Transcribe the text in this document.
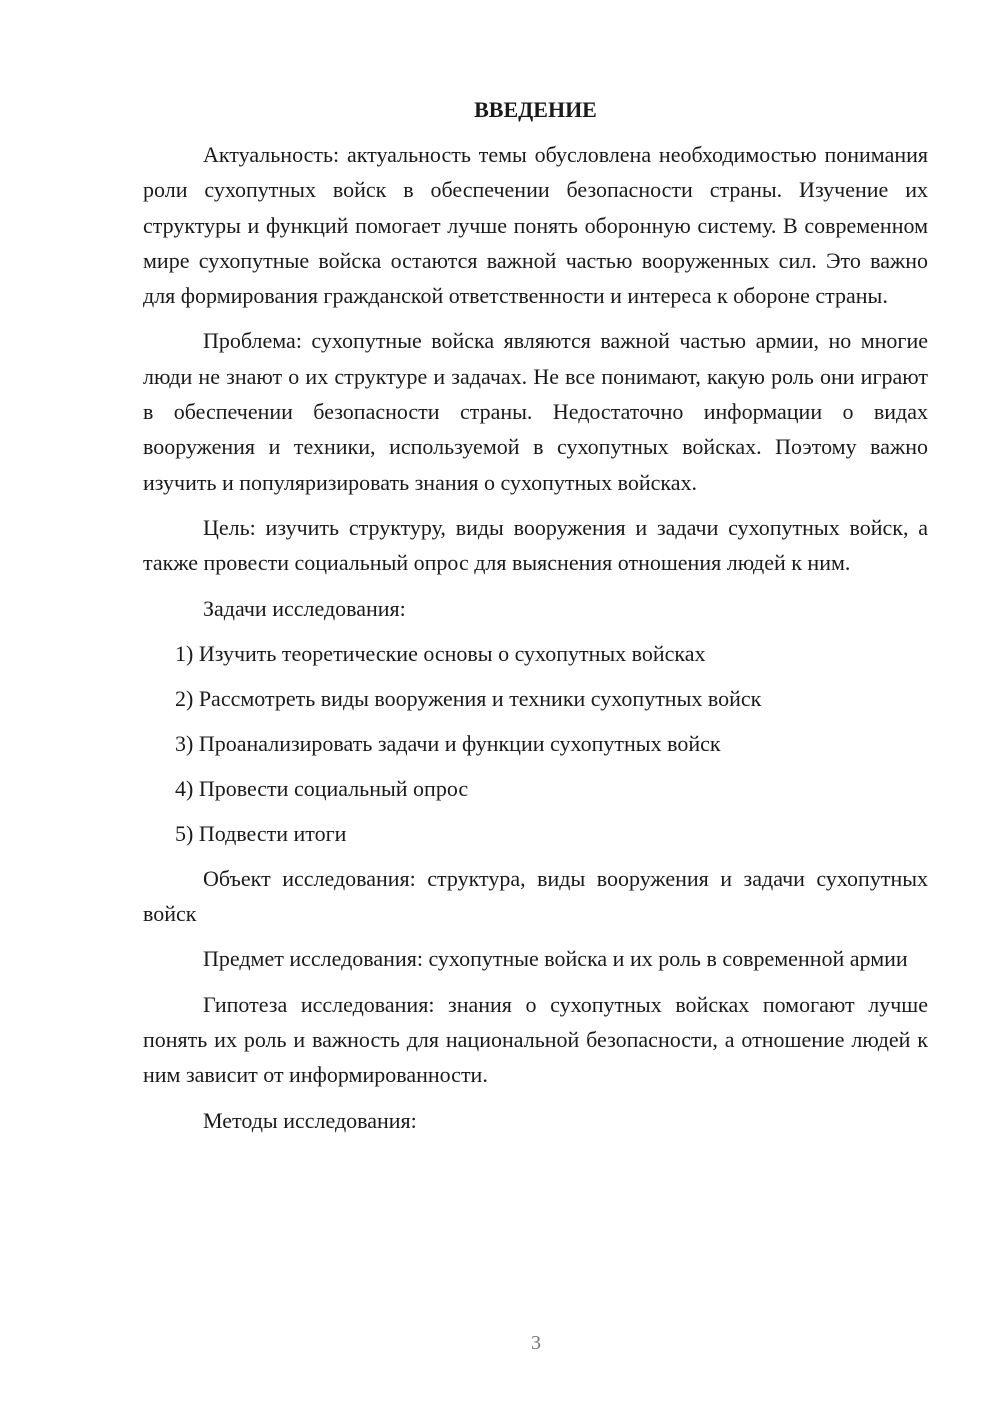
ВВЕДЕНИЕ

Актуальность: актуальность темы обусловлена необходимостью понимания роли сухопутных войск в обеспечении безопасности страны. Изучение их структуры и функций помогает лучше понять оборонную систему. В современном мире сухопутные войска остаются важной частью вооруженных сил. Это важно для формирования гражданской ответственности и интереса к обороне страны.

Проблема: сухопутные войска являются важной частью армии, но многие люди не знают о их структуре и задачах. Не все понимают, какую роль они играют в обеспечении безопасности страны. Недостаточно информации о видах вооружения и техники, используемой в сухопутных войсках. Поэтому важно изучить и популяризировать знания о сухопутных войсках.

Цель: изучить структуру, виды вооружения и задачи сухопутных войск, а также провести социальный опрос для выяснения отношения людей к ним.

Задачи исследования:

1) Изучить теоретические основы о сухопутных войсках
2) Рассмотреть виды вооружения и техники сухопутных войск
3) Проанализировать задачи и функции сухопутных войск
4) Провести социальный опрос
5) Подвести итоги

Объект исследования: структура, виды вооружения и задачи сухопутных войск

Предмет исследования: сухопутные войска и их роль в современной армии

Гипотеза исследования: знания о сухопутных войсках помогают лучше понять их роль и важность для национальной безопасности, а отношение людей к ним зависит от информированности.

Методы исследования:

3
